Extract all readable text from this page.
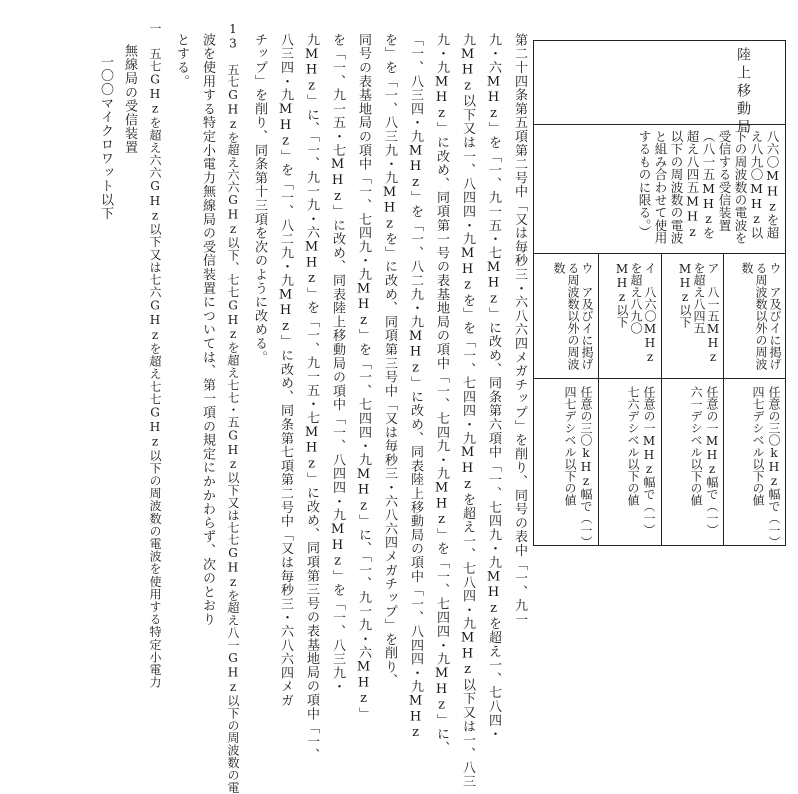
第二十四条第五項第二号中「又は毎秒三・六八六四メガチップ」を削り、同号の表中「一、九一
九・六MHz」を「一、九一五・七MHz」に改め、同条第六項中「一、七四九・九MHzを超え一、七八四・
九MHz以下又は一、八四四・九MHzを」を「一、七四四・九MHzを超え一、七八四・九MHz以下又は一、八三
九・九MHz」に改め、同項第一号の表基地局の項中「一、七四九・九MHz」を「一、七四四・九MHz」に、
「一、八三四・九MHz」を「一、八二九・九MHz」に改め、同表陸上移動局の項中「一、八四四・九MHz
を」を「一、八三九・九MHzを」に改め、同項第三号中「又は毎秒三・六八六四メガチップ」を削り、
同号の表基地局の項中「一、七四九・九MHz」を「一、七四四・九MHz」に、「一、九一九・六MHz」
を「一、九一五・七MHz」に改め、同表陸上移動局の項中「一、八四四・九MHz」を「一、八三九・
九MHz」に、「一、九一九・六MHz」を「一、九一五・七MHz」に改め、同項第三号の表基地局の項中「一、
八三四・九MHz」を「一、八二九・九MHz」に改め、同条第七項第二号中「又は毎秒三・六八六四メガ
チップ」を削り、同条第十三項を次のように改める。
13　五七GHzを超え六六GHz以下、七七GHzを超え七七・五GHz以下又は七七GHzを超え八一GHz以下の周波数の電
波を使用する特定小電力無線局の受信装置については、第一項の規定にかかわらず、次のとおり
とする。
一　五七GHzを超え六六GHz以下又は七六GHzを超え七七GHz以下の周波数の電波を使用する特定小電力
無線局の受信装置
一〇〇マイクロワット以下	陸上移動局
八六〇MHzを超え八九〇MHz以下の周波数の電波を受信する受信装置（八一五MHzを超え八四五MHz以下の周波数の電波と組み合わせて使用するものに限る。）
ウ　ア及びイに掲げる周波数以外の周波数
ア　八一五MHzを超え八四五MHz以下
イ　八六〇MHzを超え八九〇MHz以下
ウ　ア及びイに掲げる周波数以外の周波数
任意の三〇kHz幅で（一）四七デシベル以下の値
任意の一MHz幅で（一）六一デシベル以下の値
任意の一MHz幅で（一）七六デシベル以下の値
任意の三〇kHz幅で（一）四七デシベル以下の値
